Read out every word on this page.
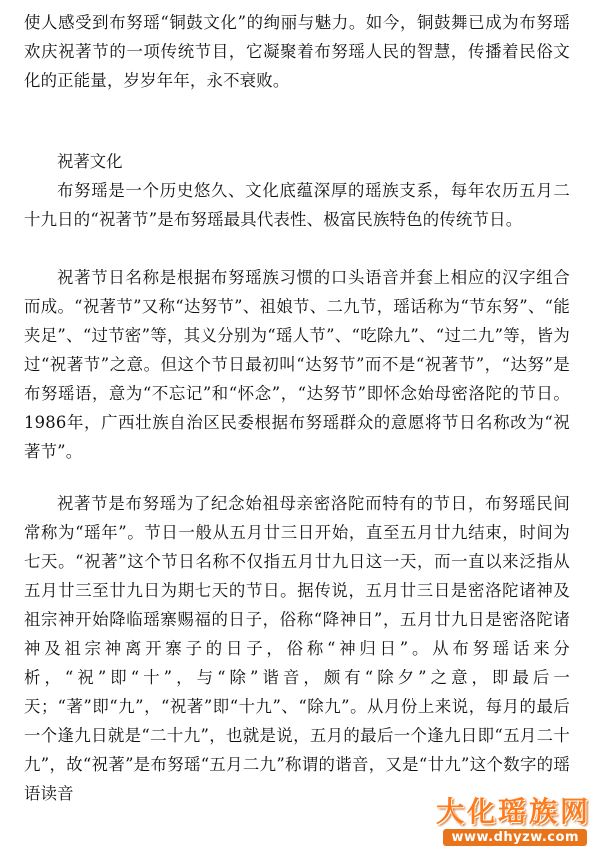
使人感受到布努瑶“铜鼓文化”的绚丽与魅力。如今，铜鼓舞已成为布努瑶欢庆祝著节的一项传统节目，它凝聚着布努瑶人民的智慧，传播着民俗文化的正能量，岁岁年年，永不衰败。

祝著文化

布努瑶是一个历史悠久、文化底蕴深厚的瑶族支系，每年农历五月二十九日的“祝著节”是布努瑶最具代表性、极富民族特色的传统节日。

祝著节日名称是根据布努瑶族习惯的口头语音并套上相应的汉字组合而成。“祝著节”又称“达努节”、祖娘节、二九节，瑶话称为“节东努”、“能夹足”、“过节密”等，其义分别为“瑶人节”、“吃除九”、“过二九”等，皆为过“祝著节”之意。但这个节日最初叫“达努节”而不是“祝著节”，“达努”是布努瑶语，意为“不忘记”和“怀念”，“达努节”即怀念始母密洛陀的节日。1986年，广西壮族自治区民委根据布努瑶群众的意愿将节日名称改为“祝著节”。

祝著节是布努瑶为了纪念始祖母亲密洛陀而特有的节日，布努瑶民间常称为“瑶年”。节日一般从五月廿三日开始，直至五月廿九结束，时间为七天。“祝著”这个节日名称不仅指五月廿九日这一天，而一直以来泛指从五月廿三至廿九日为期七天的节日。据传说，五月廿三日是密洛陀诸神及祖宗神开始降临瑶寨赐福的日子，俗称“降神日”，五月廿九日是密洛陀诸神及祖宗神离开寨子的日子，俗称“神归日”。从布努瑶话来分析，“祝”即“十”，与“除”谐音，颇有“除夕”之意，即最后一天；“著”即“九”，“祝著”即“十九”、“除九”。从月份上来说，每月的最后一个逢九日就是“二十九”，也就是说，五月的最后一个逢九日即“五月二十九”，故“祝著”是布努瑶“五月二九”称谓的谐音，又是“廿九”这个数字的瑶语读音

大化瑶族网
www.dhyzw.com
